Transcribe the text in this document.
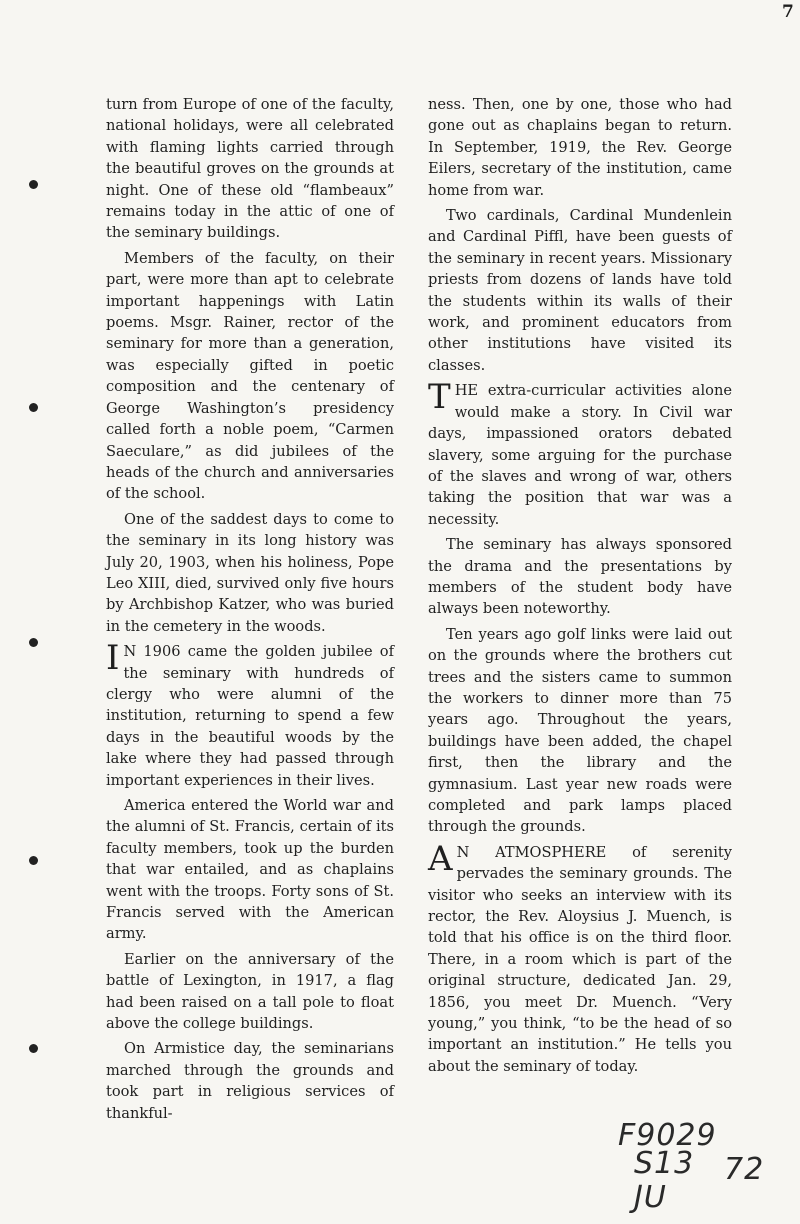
7

turn from Europe of one of the faculty, national holidays, were all celebrated with flaming lights carried through the beautiful groves on the grounds at night. One of these old “flambeaux” remains today in the attic of one of the seminary buildings.

Members of the faculty, on their part, were more than apt to celebrate important happenings with Latin poems. Msgr. Rainer, rector of the seminary for more than a generation, was especially gifted in poetic composition and the centenary of George Washington’s presidency called forth a noble poem, “Carmen Saeculare,” as did jubilees of the heads of the church and anniversaries of the school.

One of the saddest days to come to the seminary in its long history was July 20, 1903, when his holiness, Pope Leo XIII, died, survived only five hours by Archbishop Katzer, who was buried in the cemetery in the woods.

I N 1906 came the golden jubilee of the seminary with hundreds of clergy who were alumni of the institution, returning to spend a few days in the beautiful woods by the lake where they had passed through important experiences in their lives.

America entered the World war and the alumni of St. Francis, certain of its faculty members, took up the burden that war entailed, and as chaplains went with the troops. Forty sons of St. Francis served with the American army.

Earlier on the anniversary of the battle of Lexington, in 1917, a flag had been raised on a tall pole to float above the college buildings.

On Armistice day, the seminarians marched through the grounds and took part in religious services of thankful-

ness. Then, one by one, those who had gone out as chaplains began to return. In September, 1919, the Rev. George Eilers, secretary of the institution, came home from war.

Two cardinals, Cardinal Mundenlein and Cardinal Piffl, have been guests of the seminary in recent years. Missionary priests from dozens of lands have told the students within its walls of their work, and prominent educators from other institutions have visited its classes.

THE extra-curricular activities alone would make a story. In Civil war days, impassioned orators debated slavery, some arguing for the purchase of the slaves and wrong of war, others taking the position that war was a necessity.

The seminary has always sponsored the drama and the presentations by members of the student body have always been noteworthy.

Ten years ago golf links were laid out on the grounds where the brothers cut trees and the sisters came to summon the workers to dinner more than 75 years ago. Throughout the years, buildings have been added, the chapel first, then the library and the gymnasium. Last year new roads were completed and park lamps placed through the grounds.

A N ATMOSPHERE of serenity pervades the seminary grounds. The visitor who seeks an interview with its rector, the Rev. Aloysius J. Muench, is told that his office is on the third floor. There, in a room which is part of the original structure, dedicated Jan. 29, 1856, you meet Dr. Muench. “Very young,” you think, “to be the head of so important an institution.” He tells you about the seminary of today.

F9029
S13
JU
72
